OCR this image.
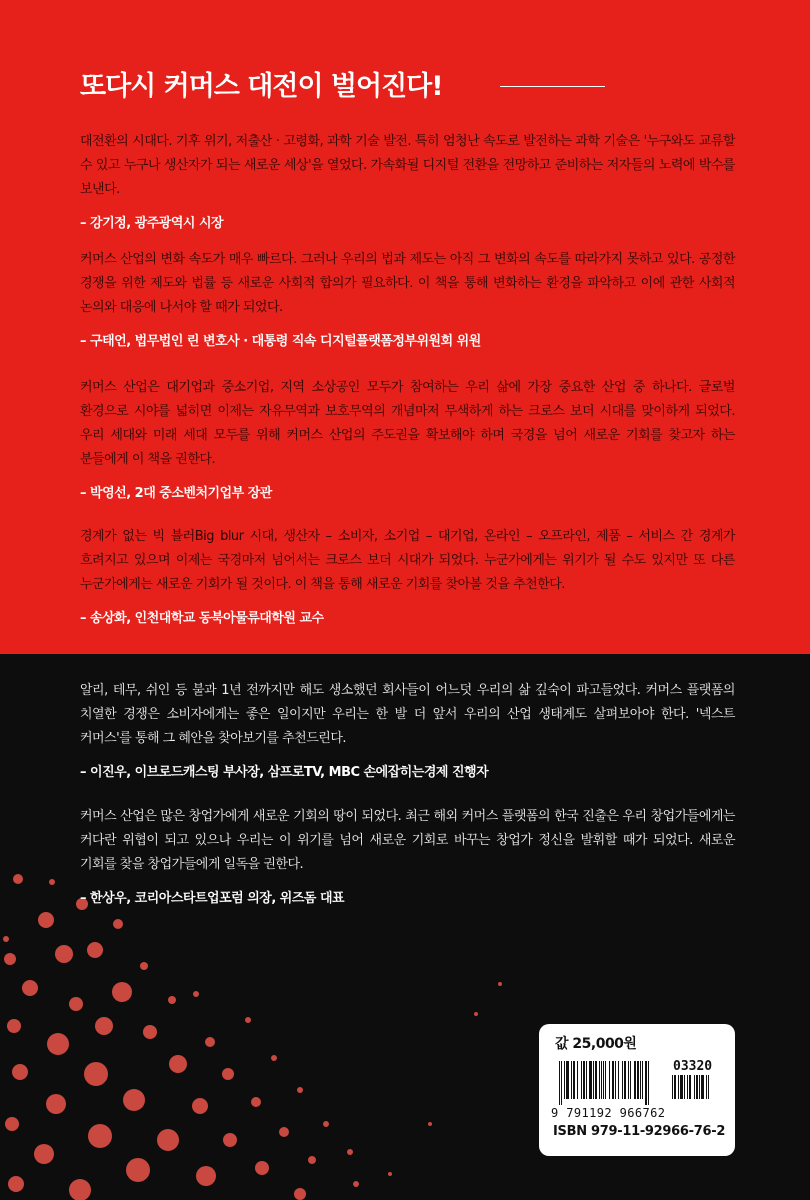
또다시 커머스 대전이 벌어진다!

대전환의 시대다. 기후 위기, 저출산 · 고령화, 과학 기술 발전. 특히 엄청난 속도로 발전하는 과학 기술은 '누구와도 교류할 수 있고 누구나 생산자가 되는 새로운 세상'을 열었다. 가속화될 디지털 전환을 전망하고 준비하는 저자들의 노력에 박수를 보낸다.

– 강기정, 광주광역시 시장

커머스 산업의 변화 속도가 매우 빠르다. 그러나 우리의 법과 제도는 아직 그 변화의 속도를 따라가지 못하고 있다. 공정한 경쟁을 위한 제도와 법률 등 새로운 사회적 합의가 필요하다. 이 책을 통해 변화하는 환경을 파악하고 이에 관한 사회적 논의와 대응에 나서야 할 때가 되었다.

– 구태언, 법무법인 린 변호사 · 대통령 직속 디지털플랫폼정부위원회 위원

커머스 산업은 대기업과 중소기업, 지역 소상공인 모두가 참여하는 우리 삶에 가장 중요한 산업 중 하나다. 글로벌 환경으로 시야를 넓히면 이제는 자유무역과 보호무역의 개념마저 무색하게 하는 크로스 보더 시대를 맞이하게 되었다. 우리 세대와 미래 세대 모두를 위해 커머스 산업의 주도권을 확보해야 하며 국경을 넘어 새로운 기회를 찾고자 하는 분들에게 이 책을 권한다.

– 박영선, 2대 중소벤처기업부 장관

경계가 없는 빅 블러Big blur 시대, 생산자 – 소비자, 소기업 – 대기업, 온라인 – 오프라인, 제품 – 서비스 간 경계가 흐려지고 있으며 이제는 국경마저 넘어서는 크로스 보더 시대가 되었다. 누군가에게는 위기가 될 수도 있지만 또 다른 누군가에게는 새로운 기회가 될 것이다. 이 책을 통해 새로운 기회를 찾아볼 것을 추천한다.

– 송상화, 인천대학교 동북아물류대학원 교수

알리, 테무, 쉬인 등 불과 1년 전까지만 해도 생소했던 회사들이 어느덧 우리의 삶 깊숙이 파고들었다. 커머스 플랫폼의 치열한 경쟁은 소비자에게는 좋은 일이지만 우리는 한 발 더 앞서 우리의 산업 생태계도 살펴보아야 한다. '넥스트 커머스'를 통해 그 혜안을 찾아보기를 추천드린다.

– 이진우, 이브로드캐스팅 부사장, 삼프로TV, MBC 손에잡히는경제 진행자

커머스 산업은 많은 창업가에게 새로운 기회의 땅이 되었다. 최근 해외 커머스 플랫폼의 한국 진출은 우리 창업가들에게는 커다란 위협이 되고 있으나 우리는 이 위기를 넘어 새로운 기회로 바꾸는 창업가 정신을 발휘할 때가 되었다. 새로운 기회를 찾을 창업가들에게 일독을 권한다.

– 한상우, 코리아스타트업포럼 의장, 위즈돔 대표

값 25,000원
03320
9 791192 966762
ISBN 979-11-92966-76-2
